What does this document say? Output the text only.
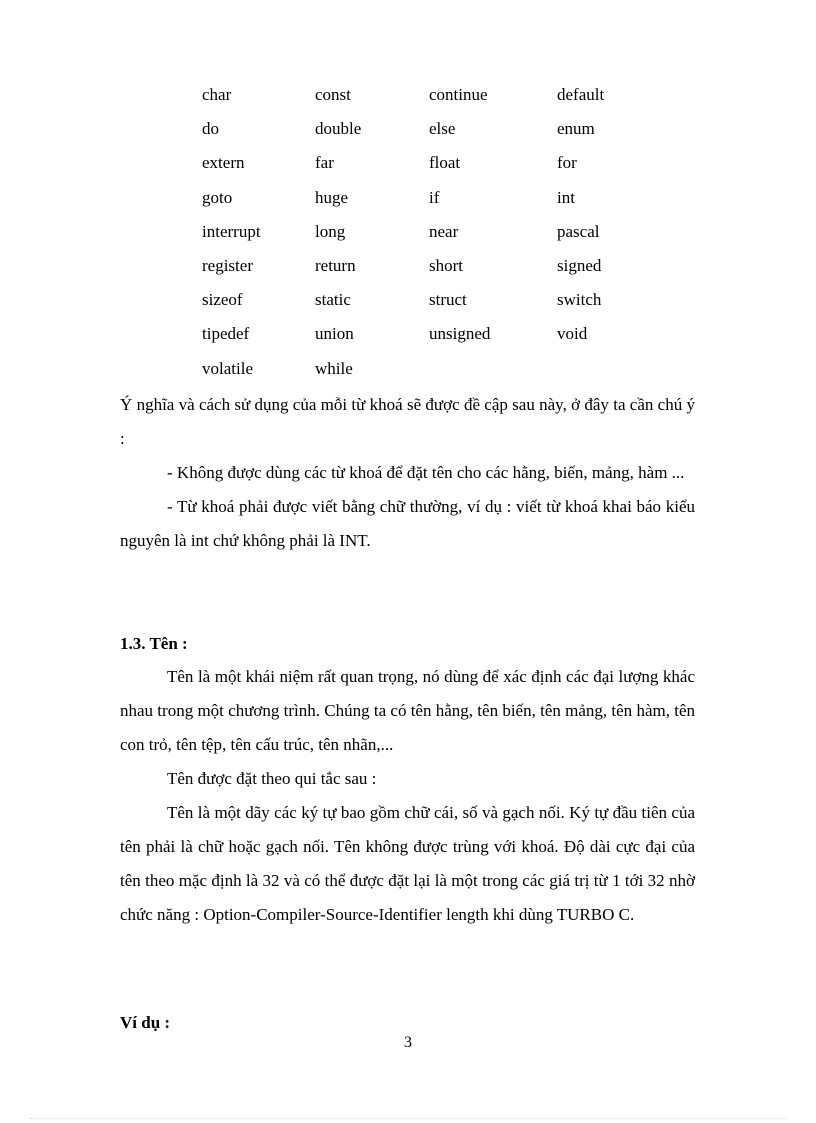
char	const	continue	default
do	double	else	enum
extern	far	float	for
goto	huge	if	int
interrupt	long	near	pascal
register	return	short	signed
sizeof	static	struct	switch
tipedef	union	unsigned	void
volatile	while

Ý nghĩa và cách sử dụng của mỗi từ khoá sẽ được đề cập sau này, ở đây ta cần chú ý :

- Không được dùng các từ khoá để đặt tên cho các hằng, biến, mảng, hàm ...

- Từ khoá phải được viết bằng chữ thường, ví dụ : viết từ khoá khai báo kiểu nguyên là int chứ không phải là INT.

1.3. Tên :

Tên là một khái niệm rất quan trọng, nó dùng để xác định các đại lượng khác nhau trong một chương trình. Chúng ta có tên hằng, tên biến, tên mảng, tên hàm, tên con trỏ, tên tệp, tên cấu trúc, tên nhãn,...

Tên được đặt theo qui tắc sau :

Tên là một dãy các ký tự bao gồm chữ cái, số và gạch nối. Ký tự đầu tiên của tên phải là chữ hoặc gạch nối. Tên không được trùng với khoá. Độ dài cực đại của tên theo mặc định là 32 và có thể được đặt lại là một trong các giá trị từ 1 tới 32 nhờ chức năng : Option-Compiler-Source-Identifier length khi dùng TURBO C.

Ví dụ :
3
